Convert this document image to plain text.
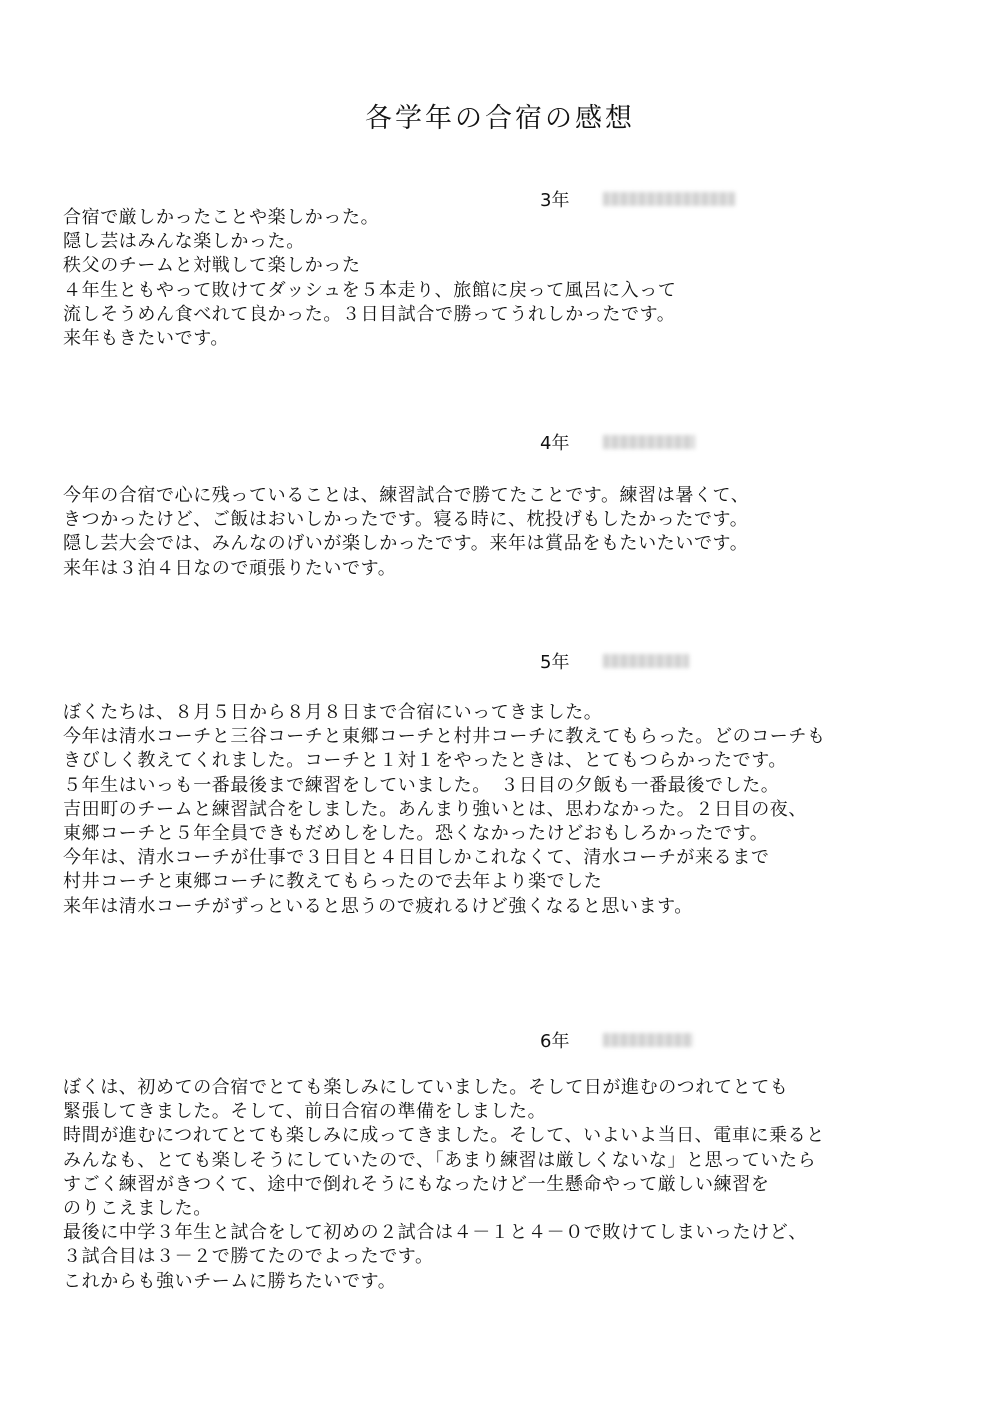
各学年の合宿の感想
3年
合宿で厳しかったことや楽しかった。
隠し芸はみんな楽しかった。
秩父のチームと対戦して楽しかった
４年生ともやって敗けてダッシュを５本走り、旅館に戻って風呂に入って
流しそうめん食べれて良かった。３日目試合で勝ってうれしかったです。
来年もきたいです。
4年
今年の合宿で心に残っていることは、練習試合で勝てたことです。練習は暑くて、
きつかったけど、ご飯はおいしかったです。寝る時に、枕投げもしたかったです。
隠し芸大会では、みんなのげいが楽しかったです。来年は賞品をもたいたいです。
来年は３泊４日なので頑張りたいです。
5年
ぼくたちは、８月５日から８月８日まで合宿にいってきました。
今年は清水コーチと三谷コーチと東郷コーチと村井コーチに教えてもらった。どのコーチも
きびしく教えてくれました。コーチと１対１をやったときは、とてもつらかったです。
５年生はいっも一番最後まで練習をしていました。　３日目の夕飯も一番最後でした。
吉田町のチームと練習試合をしました。あんまり強いとは、思わなかった。２日目の夜、
東郷コーチと５年全員できもだめしをした。恐くなかったけどおもしろかったです。
今年は、清水コーチが仕事で３日目と４日目しかこれなくて、清水コーチが来るまで
村井コーチと東郷コーチに教えてもらったので去年より楽でした
来年は清水コーチがずっといると思うので疲れるけど強くなると思います。
6年
ぼくは、初めての合宿でとても楽しみにしていました。そして日が進むのつれてとても
緊張してきました。そして、前日合宿の準備をしました。
時間が進むにつれてとても楽しみに成ってきました。そして、いよいよ当日、電車に乗ると
みんなも、とても楽しそうにしていたので、「あまり練習は厳しくないな」と思っていたら
すごく練習がきつくて、途中で倒れそうにもなったけど一生懸命やって厳しい練習を
のりこえました。
最後に中学３年生と試合をして初めの２試合は４－１と４－０で敗けてしまいったけど、
３試合目は３－２で勝てたのでよったです。
これからも強いチームに勝ちたいです。
